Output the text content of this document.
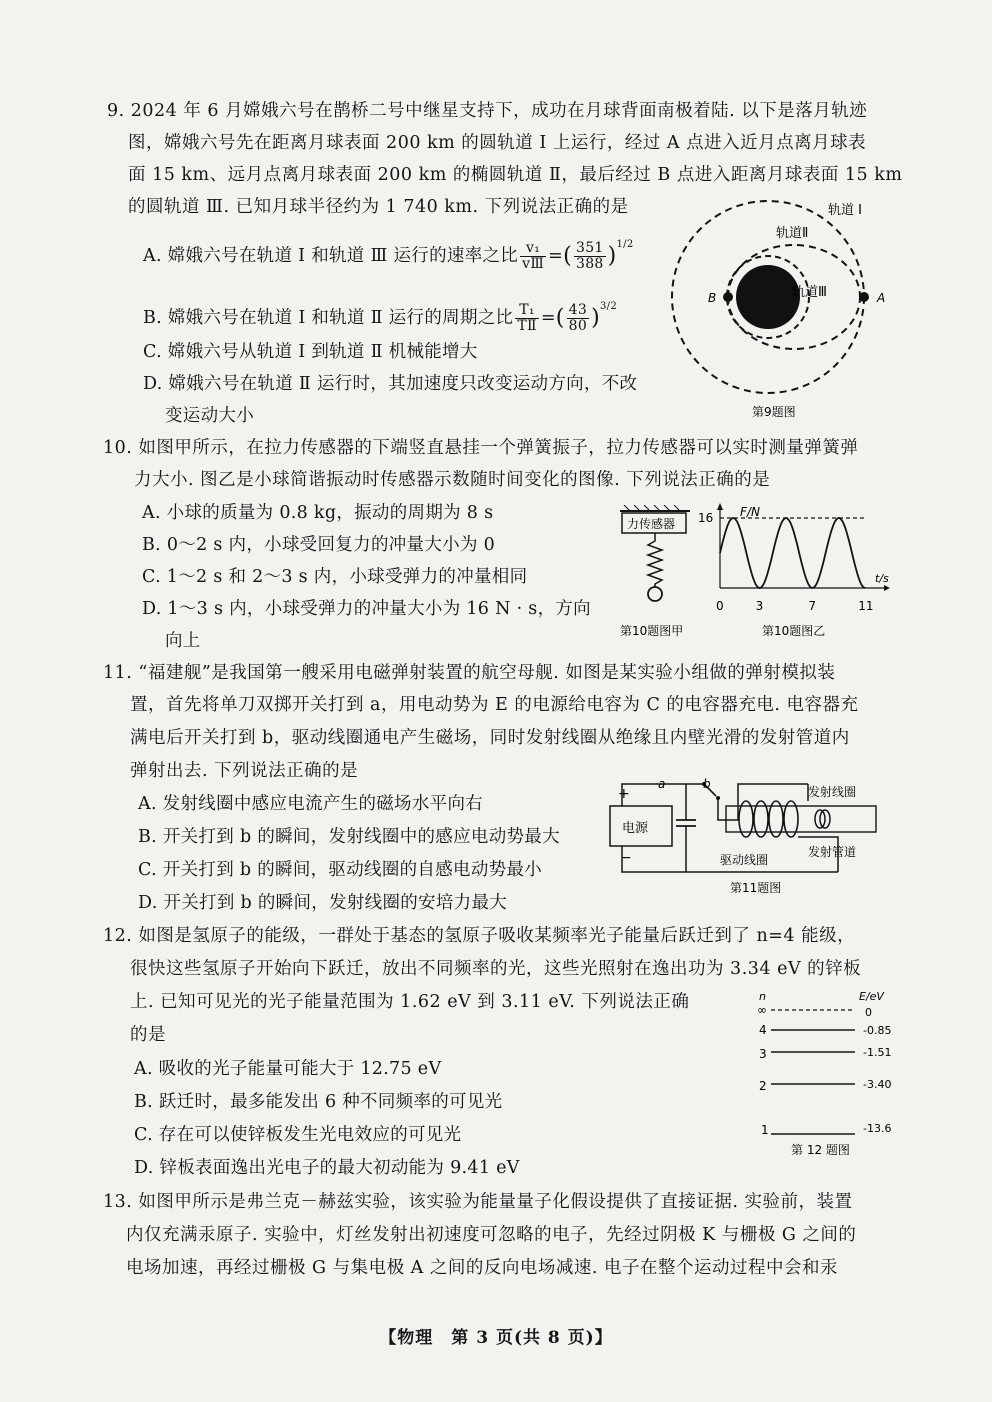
9. 2024 年 6 月嫦娥六号在鹊桥二号中继星支持下，成功在月球背面南极着陆. 以下是落月轨迹
图，嫦娥六号先在距离月球表面 200 km 的圆轨道 Ⅰ 上运行，经过 A 点进入近月点离月球表
面 15 km、远月点离月球表面 200 km 的椭圆轨道 Ⅱ，最后经过 B 点进入距离月球表面 15 km
的圆轨道 Ⅲ. 已知月球半径约为 1 740 km. 下列说法正确的是
A. 嫦娥六号在轨道 Ⅰ 和轨道 Ⅲ 运行的速率之比 $\frac{\text{v₁}}{\text{vⅢ}}$ =( $\frac{351}{388} )^{1/2}$
B. 嫦娥六号在轨道 Ⅰ 和轨道 Ⅱ 运行的周期之比 $\frac{\text{T₁}}{\text{TⅡ}}$ =( $\frac{43}{80} )^{3/2}$
C. 嫦娥六号从轨道 Ⅰ 到轨道 Ⅱ 机械能增大
D. 嫦娥六号在轨道 Ⅱ 运行时，其加速度只改变运动方向，不改
变运动大小
轨道 I
轨道Ⅱ
轨道Ⅲ
B	A
第9题图
10. 如图甲所示，在拉力传感器的下端竖直悬挂一个弹簧振子，拉力传感器可以实时测量弹簧弹
力大小. 图乙是小球简谐振动时传感器示数随时间变化的图像. 下列说法正确的是
A. 小球的质量为 0.8 kg，振动的周期为 8 s
B. 0～2 s 内，小球受回复力的冲量大小为 0
C. 1～2 s 和 2～3 s 内，小球受弹力的冲量相同
D. 1～3 s 内，小球受弹力的冲量大小为 16 N · s，方向
向上
力传感器
第10题图甲
F/N
t/s
16
0	3	7	11
第10题图乙
11. “福建舰”是我国第一艘采用电磁弹射装置的航空母舰. 如图是某实验小组做的弹射模拟装
置，首先将单刀双掷开关打到 a，用电动势为 E 的电源给电容为 C 的电容器充电. 电容器充
满电后开关打到 b，驱动线圈通电产生磁场，同时发射线圈从绝缘且内壁光滑的发射管道内
弹射出去. 下列说法正确的是
A. 发射线圈中感应电流产生的磁场水平向右
B. 开关打到 b 的瞬间，发射线圈中的感应电动势最大
C. 开关打到 b 的瞬间，驱动线圈的自感电动势最小
D. 开关打到 b 的瞬间，发射线圈的安培力最大
电源
+
−
a	b
发射线圈
驱动线圈
发射管道
第11题图
12. 如图是氢原子的能级，一群处于基态的氢原子吸收某频率光子能量后跃迁到了 n=4 能级，
很快这些氢原子开始向下跃迁，放出不同频率的光，这些光照射在逸出功为 3.34 eV 的锌板
上. 已知可见光的光子能量范围为 1.62 eV 到 3.11 eV. 下列说法正确
的是
A. 吸收的光子能量可能大于 12.75 eV
B. 跃迁时，最多能发出 6 种不同频率的可见光
C. 存在可以使锌板发生光电效应的可见光
D. 锌板表面逸出光电子的最大初动能为 9.41 eV
n	E/eV
∞	0
4	-0.85
3	-1.51
2	-3.40
1	-13.6
第 12 题图
13. 如图甲所示是弗兰克－赫兹实验，该实验为能量量子化假设提供了直接证据. 实验前，装置
内仅充满汞原子. 实验中，灯丝发射出初速度可忽略的电子，先经过阴极 K 与栅极 G 之间的
电场加速，再经过栅极 G 与集电极 A 之间的反向电场减速. 电子在整个运动过程中会和汞
【物理　第 3 页(共 8 页)】
